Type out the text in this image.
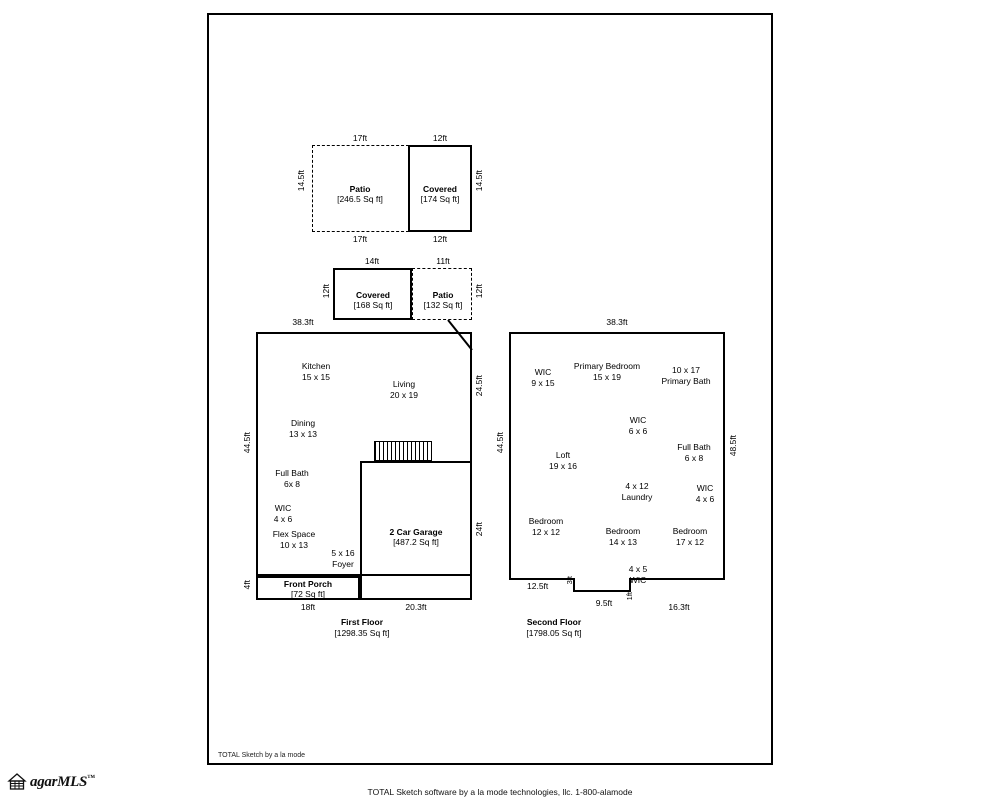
17ft	12ft
17ft	12ft
14.5ft	14.5ft
Patio
[246.5 Sq ft]
Covered
[174 Sq ft]
14ft	11ft
12ft	12ft
Covered
[168 Sq ft]
Patio
[132 Sq ft]
38.3ft
44.5ft
24.5ft
24ft
4ft
18ft	20.3ft
Kitchen
15 x 15
Living
20 x 19
Dining
13 x 13
Full Bath
6x 8
WIC
4 x 6
Flex Space
10 x 13
5 x 16
Foyer
2 Car Garage
[487.2 Sq ft]
Front Porch
[72 Sq ft]
First Floor
[1298.35 Sq ft]
38.3ft
44.5ft	48.5ft
12.5ft
3ft
9.5ft
1ft
16.3ft
WIC
9 x 15
Primary Bedroom
15 x 19
10 x 17
Primary Bath
WIC
6 x 6
Full Bath
6 x 8
Loft
19 x 16
4 x 12
Laundry
WIC
4 x 6
Bedroom
12 x 12	Bedroom
14 x 13
Bedroom
17 x 12
4 x 5
WIC
Second Floor
[1798.05 Sq ft]
TOTAL Sketch by a la mode
TOTAL Sketch software by a la mode technologies, llc. 1-800-alamode
agarMLS™
